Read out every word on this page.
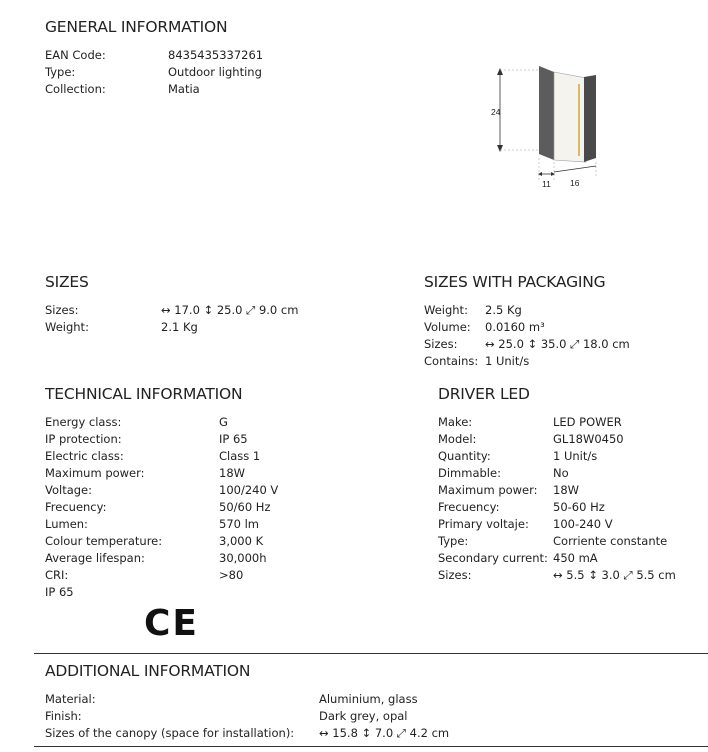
GENERAL INFORMATION
EAN Code:	8435435337261
Type:	Outdoor lighting
Collection:	Matia
24
11 16
SIZES
Sizes:	↔ 17.0 ↕ 25.0 ⤢ 9.0 cm
Weight:	2.1 Kg
SIZES WITH PACKAGING
Weight: 2.5 Kg
Volume: 0.0160 m³
Sizes: ↔ 25.0 ↕ 35.0 ⤢ 18.0 cm
Contains: 1 Unit/s
TECHNICAL INFORMATION
Energy class:	G
IP protection:	IP 65
Electric class:	Class 1
Maximum power:	18W
Voltage:	100/240 V
Frecuency:	50/60 Hz
Lumen:	570 lm
Colour temperature:	3,000 K
Average lifespan:	30,000h
CRI:	>80
IP 65
CE
DRIVER LED
Make:	LED POWER
Model:	GL18W0450
Quantity:	1 Unit/s
Dimmable:	No
Maximum power: 18W
Frecuency:	50-60 Hz
Primary voltaje: 100-240 V
Type:	Corriente constante
Secondary current: 450 mA
Sizes:	↔ 5.5 ↕ 3.0 ⤢ 5.5 cm
ADDITIONAL INFORMATION
Material:	Aluminium, glass
Finish:	Dark grey, opal
Sizes of the canopy (space for installation): ↔ 15.8 ↕ 7.0 ⤢ 4.2 cm
